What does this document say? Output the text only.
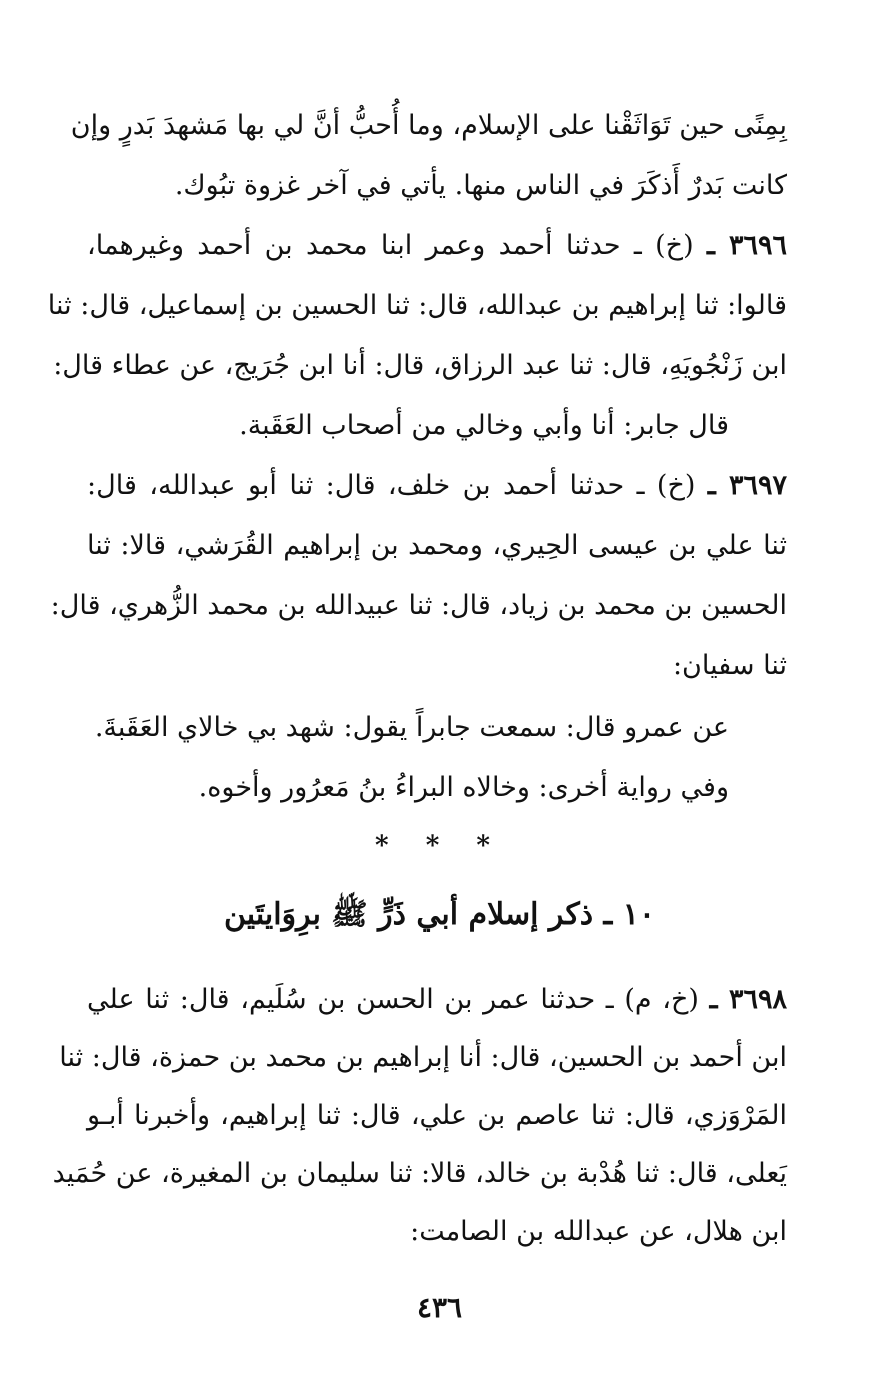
بِمِنًى حين تَوَاثَقْنا على الإسلام، وما أُحبُّ أنَّ لي بها مَشهدَ بَدرٍ وإن
كانت بَدرٌ أَذكَرَ في الناس منها. يأتي في آخر غزوة تبُوك.
٣٦٩٦ ـ (خ) ـ حدثنا أحمد وعمر ابنا محمد بن أحمد وغيرهما،
قالوا: ثنا إبراهيم بن عبدالله، قال: ثنا الحسين بن إسماعيل، قال: ثنا
ابن زَنْجُويَهِ، قال: ثنا عبد الرزاق، قال: أنا ابن جُرَيج، عن عطاء قال:
قال جابر: أنا وأبي وخالي من أصحاب العَقَبة.
٣٦٩٧ ـ (خ) ـ حدثنا أحمد بن خلف، قال: ثنا أبو عبدالله، قال:
ثنا علي بن عيسى الحِيري، ومحمد بن إبراهيم القُرَشي، قالا: ثنا
الحسين بن محمد بن زياد، قال: ثنا عبيدالله بن محمد الزُّهري، قال:
ثنا سفيان:
عن عمرو قال: سمعت جابراً يقول: شهد بي خالاي العَقَبةَ.
وفي رواية أخرى: وخالاه البراءُ بنُ مَعرُور وأخوه.
* * *
١٠ ـ ذكر إسلام أبي ذَرٍّ ﷺ برِوَايتَين
٣٦٩٨ ـ (خ، م) ـ حدثنا عمر بن الحسن بن سُلَيم، قال: ثنا علي
ابن أحمد بن الحسين، قال: أنا إبراهيم بن محمد بن حمزة، قال: ثنا
المَرْوَزي، قال: ثنا عاصم بن علي، قال: ثنا إبراهيم، وأخبرنا أبـو
يَعلى، قال: ثنا هُدْبة بن خالد، قالا: ثنا سليمان بن المغيرة، عن حُمَيد
ابن هلال، عن عبدالله بن الصامت:
٤٣٦
